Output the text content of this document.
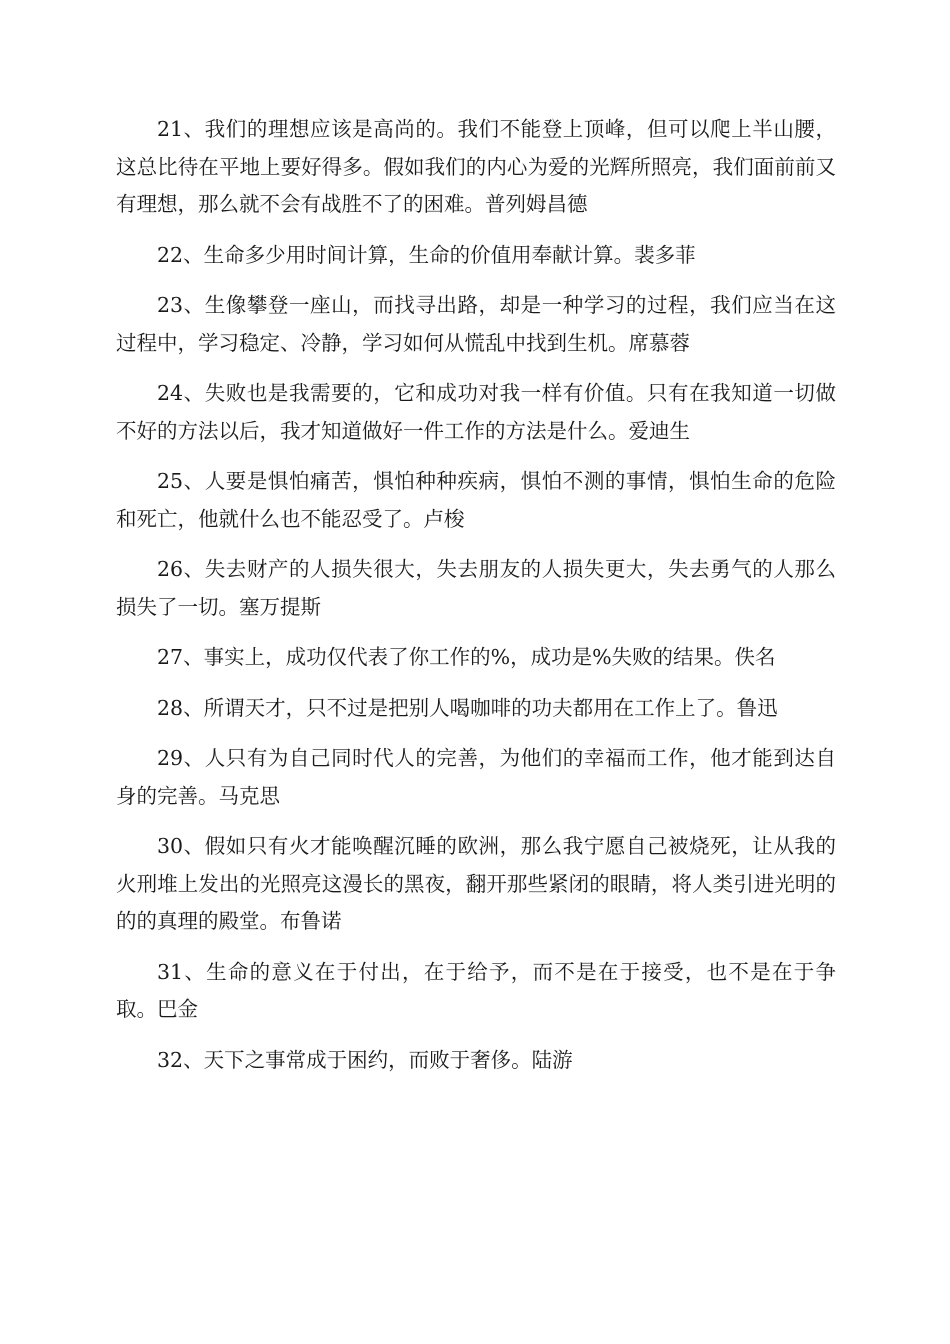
21、我们的理想应该是高尚的。我们不能登上顶峰，但可以爬上半山腰，这总比待在平地上要好得多。假如我们的内心为爱的光辉所照亮，我们面前前又有理想，那么就不会有战胜不了的困难。普列姆昌德

22、生命多少用时间计算，生命的价值用奉献计算。裴多菲

23、生像攀登一座山，而找寻出路，却是一种学习的过程，我们应当在这过程中，学习稳定、冷静，学习如何从慌乱中找到生机。席慕蓉

24、失败也是我需要的，它和成功对我一样有价值。只有在我知道一切做不好的方法以后，我才知道做好一件工作的方法是什么。爱迪生

25、人要是惧怕痛苦，惧怕种种疾病，惧怕不测的事情，惧怕生命的危险和死亡，他就什么也不能忍受了。卢梭

26、失去财产的人损失很大，失去朋友的人损失更大，失去勇气的人那么损失了一切。塞万提斯

27、事实上，成功仅代表了你工作的%，成功是%失败的结果。佚名

28、所谓天才，只不过是把别人喝咖啡的功夫都用在工作上了。鲁迅

29、人只有为自己同时代人的完善，为他们的幸福而工作，他才能到达自身的完善。马克思

30、假如只有火才能唤醒沉睡的欧洲，那么我宁愿自己被烧死，让从我的火刑堆上发出的光照亮这漫长的黑夜，翻开那些紧闭的眼睛，将人类引进光明的的的真理的殿堂。布鲁诺

31、生命的意义在于付出，在于给予，而不是在于接受，也不是在于争取。巴金

32、天下之事常成于困约，而败于奢侈。陆游
